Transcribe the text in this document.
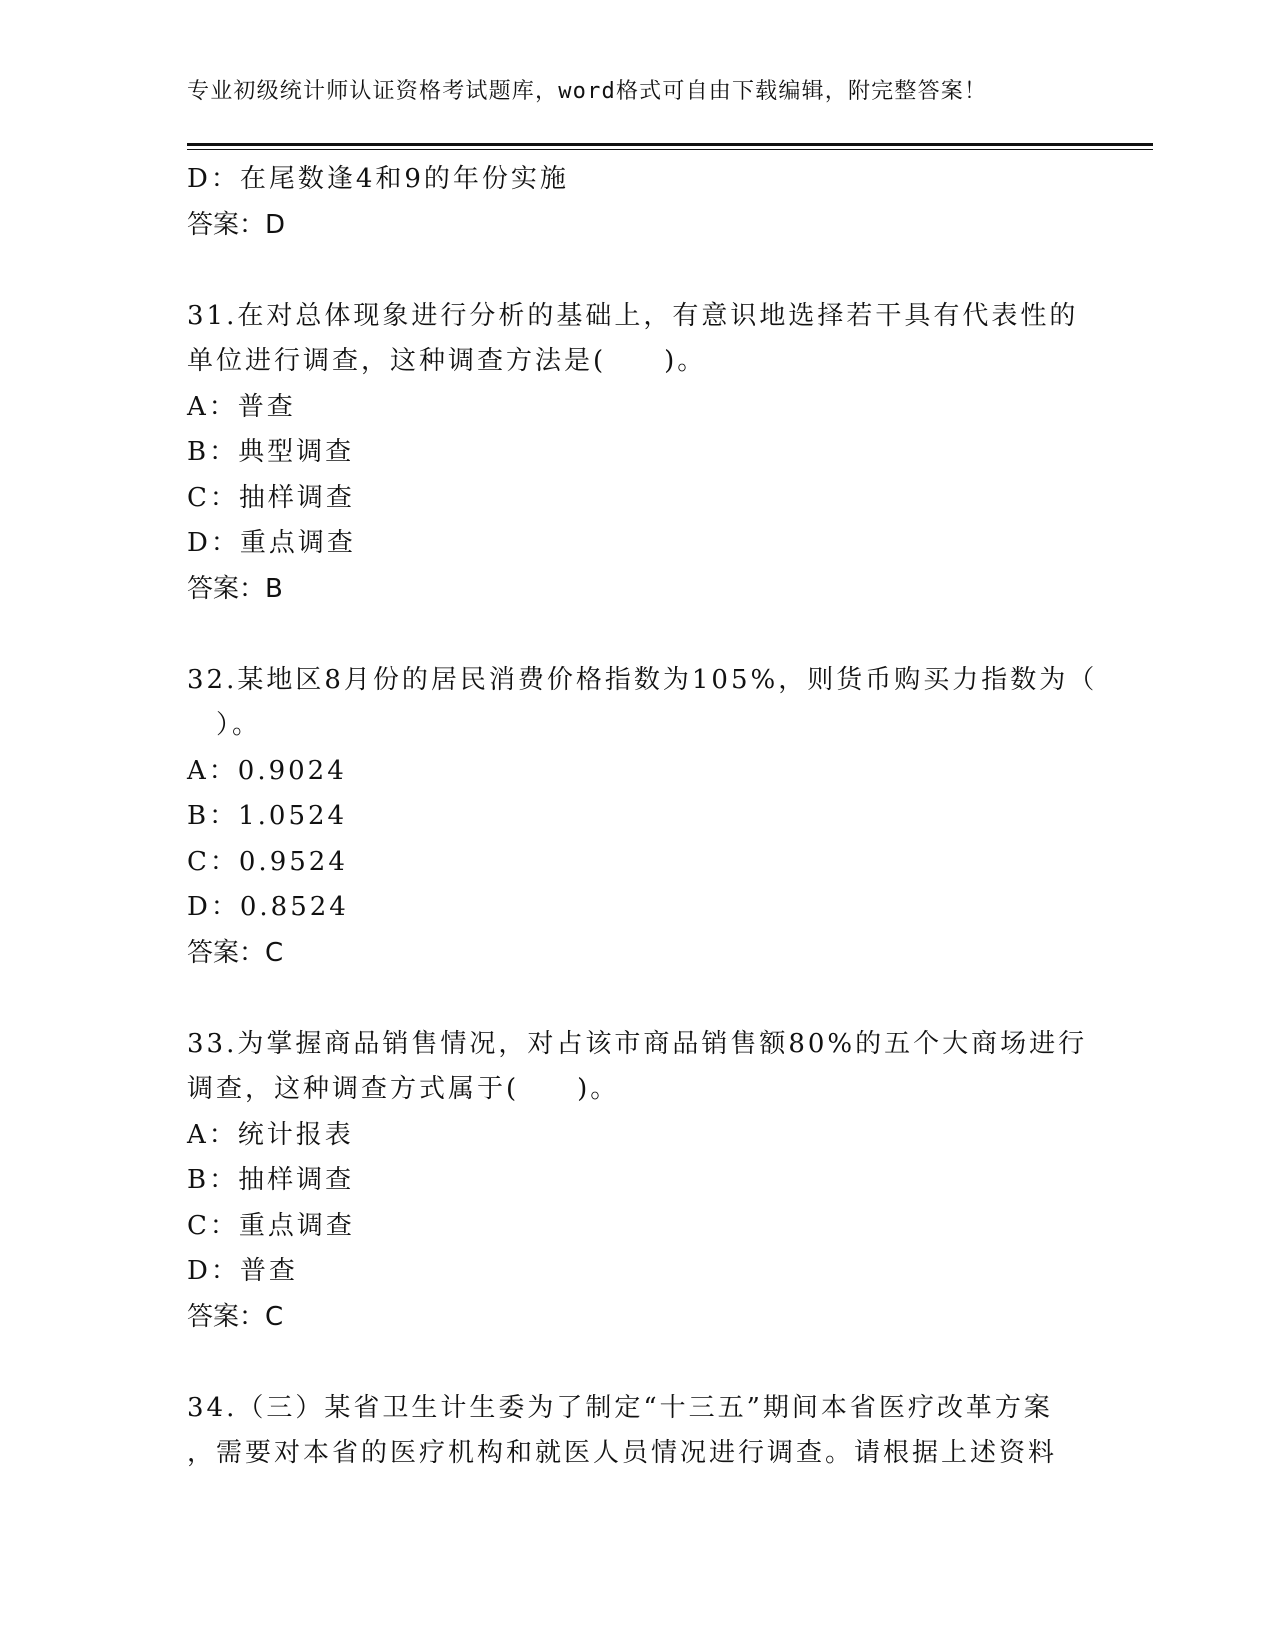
专业初级统计师认证资格考试题库，word格式可自由下载编辑，附完整答案！
D：在尾数逢4和9的年份实施
答案：D
31.在对总体现象进行分析的基础上，有意识地选择若干具有代表性的
单位进行调查，这种调查方法是(　　)。
A：普查
B：典型调查
C：抽样调查
D：重点调查
答案：B
32.某地区8月份的居民消费价格指数为105%，则货币购买力指数为（
　）。
A：0.9024
B：1.0524
C：0.9524
D：0.8524
答案：C
33.为掌握商品销售情况，对占该市商品销售额80%的五个大商场进行
调查，这种调查方式属于(　　)。
A：统计报表
B：抽样调查
C：重点调查
D：普查
答案：C
34.（三）某省卫生计生委为了制定“十三五”期间本省医疗改革方案
，需要对本省的医疗机构和就医人员情况进行调查。请根据上述资料
